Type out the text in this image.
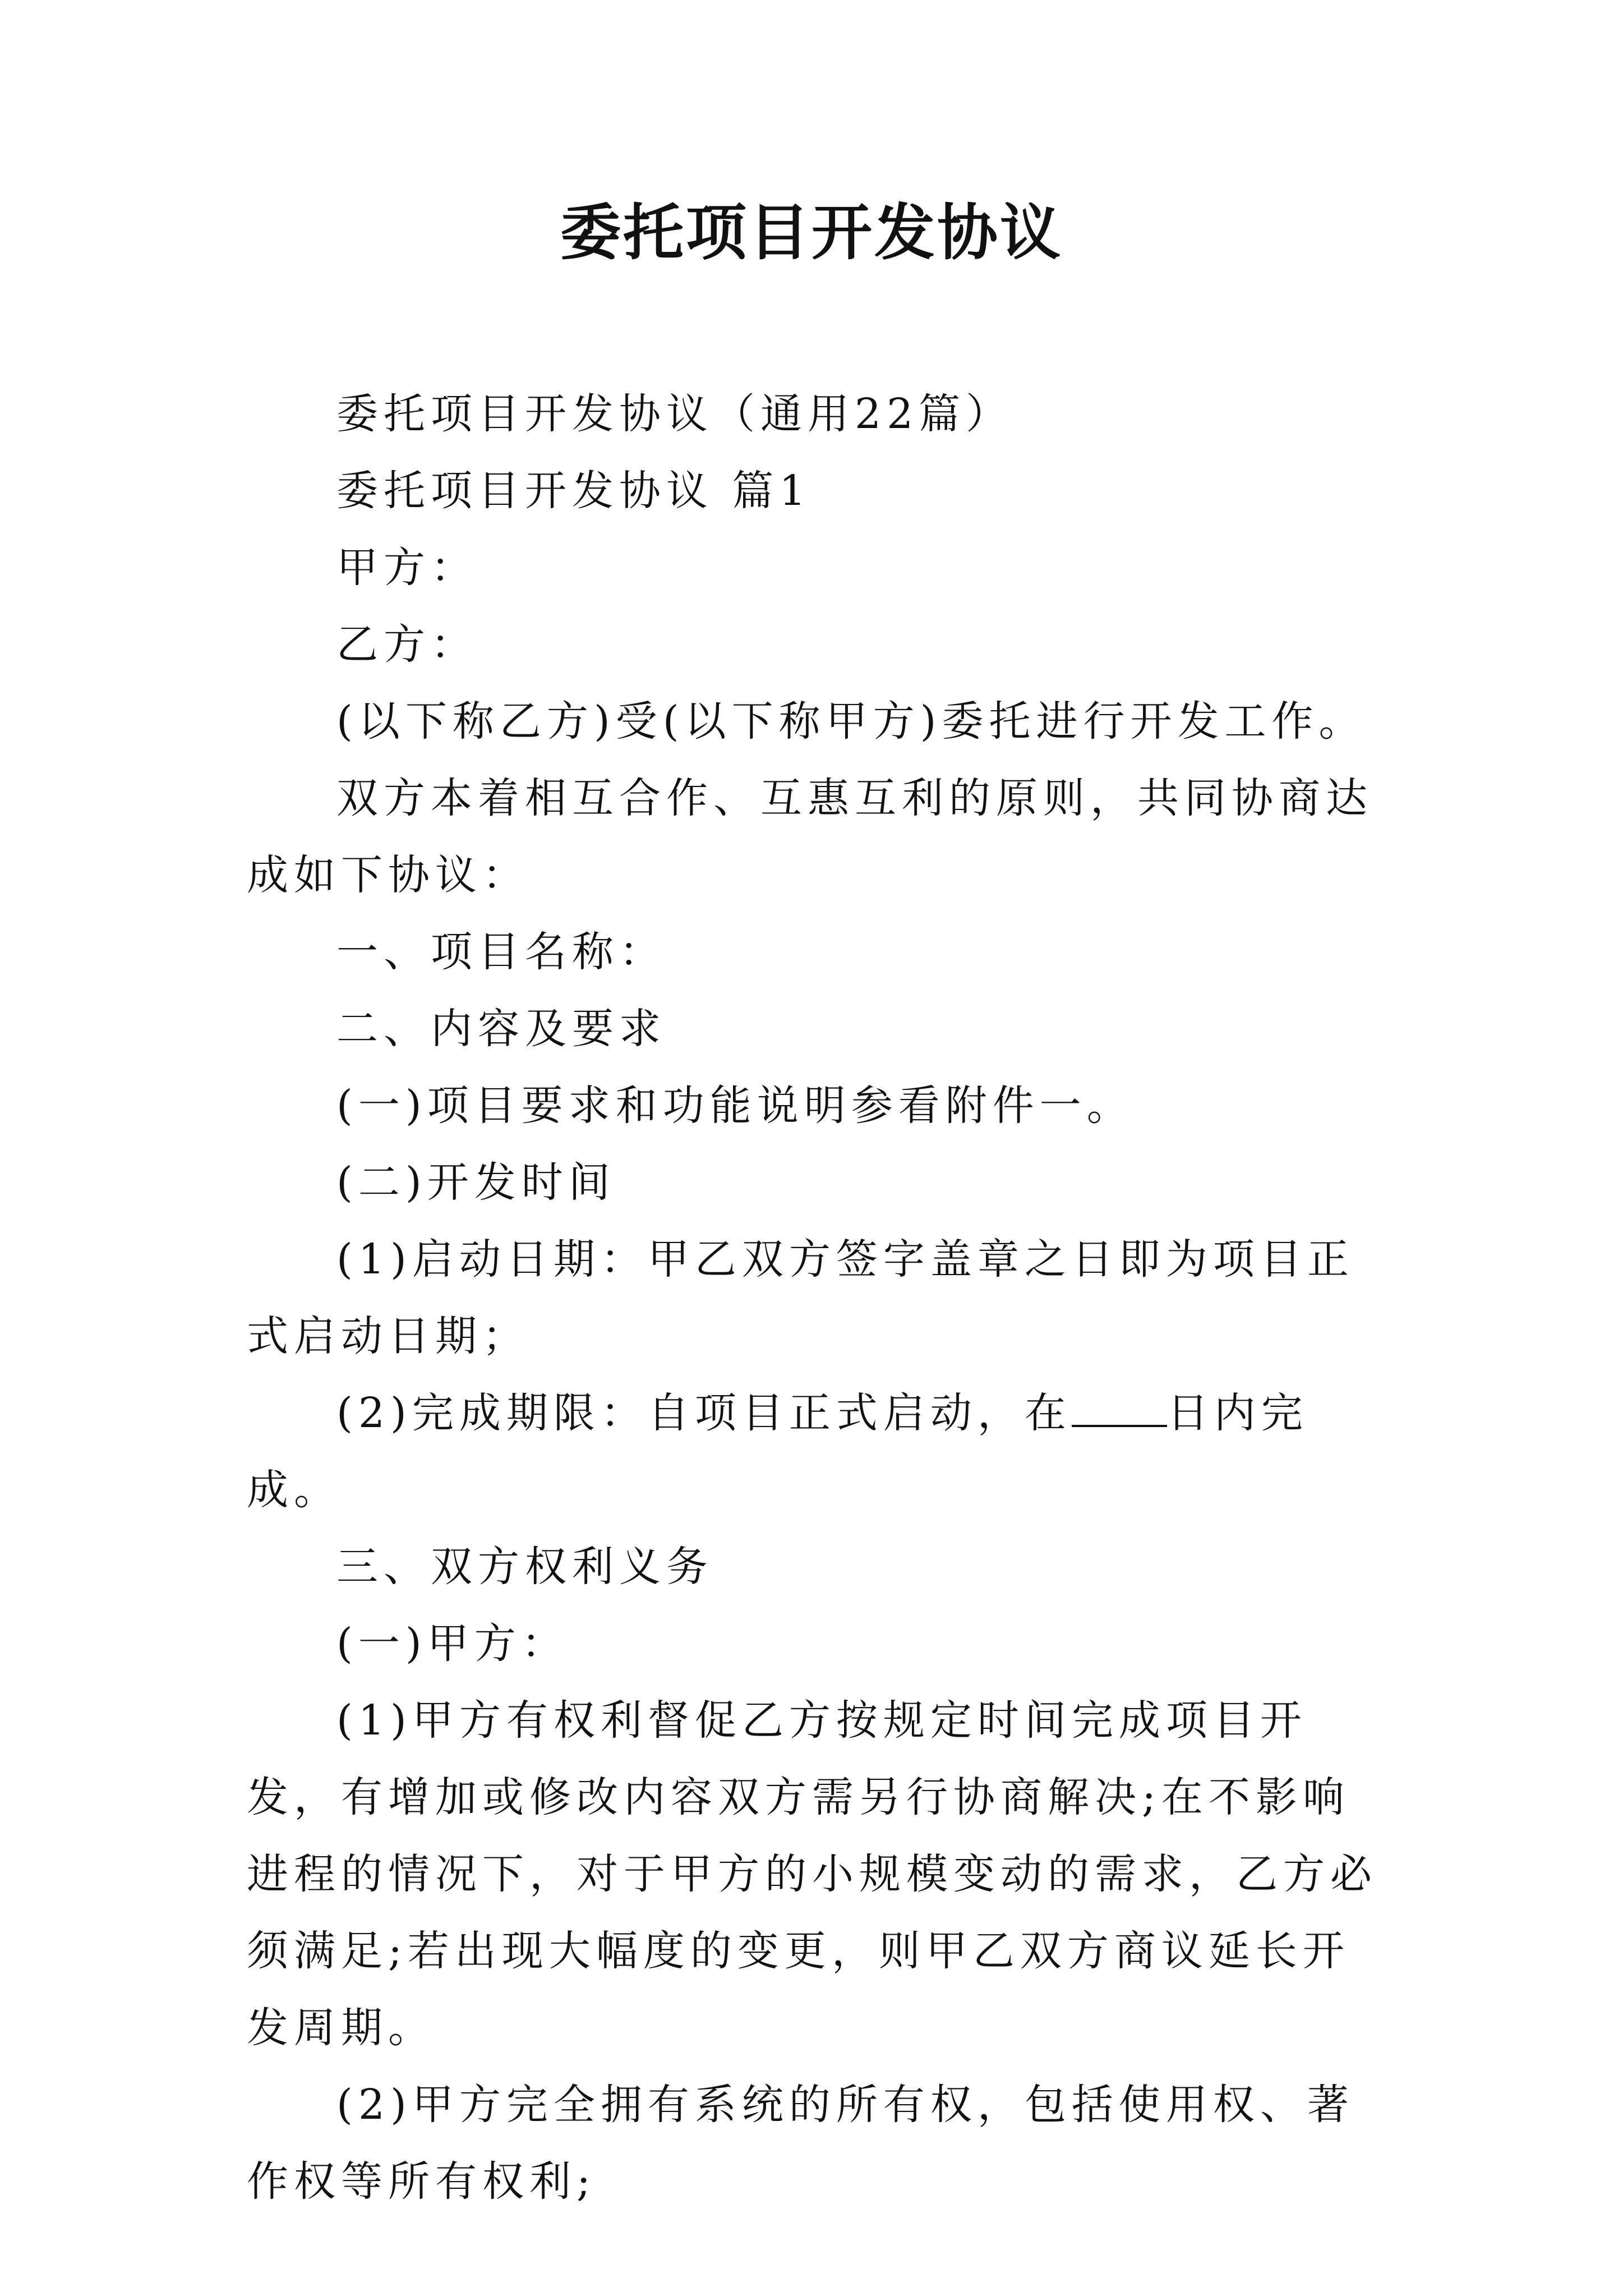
委托项目开发协议

委托项目开发协议（通用22篇）

委托项目开发协议 篇1

甲方：

乙方：

(以下称乙方)受(以下称甲方)委托进行开发工作。

双方本着相互合作、互惠互利的原则，共同协商达成如下协议：

一、项目名称：

二、内容及要求

(一)项目要求和功能说明参看附件一。

(二)开发时间

(1)启动日期：甲乙双方签字盖章之日即为项目正式启动日期；

(2)完成期限：自项目正式启动，在 日内完成。

三、双方权利义务

(一)甲方：

(1)甲方有权利督促乙方按规定时间完成项目开发，有增加或修改内容双方需另行协商解决;在不影响进程的情况下，对于甲方的小规模变动的需求，乙方必须满足;若出现大幅度的变更，则甲乙双方商议延长开发周期。

(2)甲方完全拥有系统的所有权，包括使用权、著作权等所有权利;
